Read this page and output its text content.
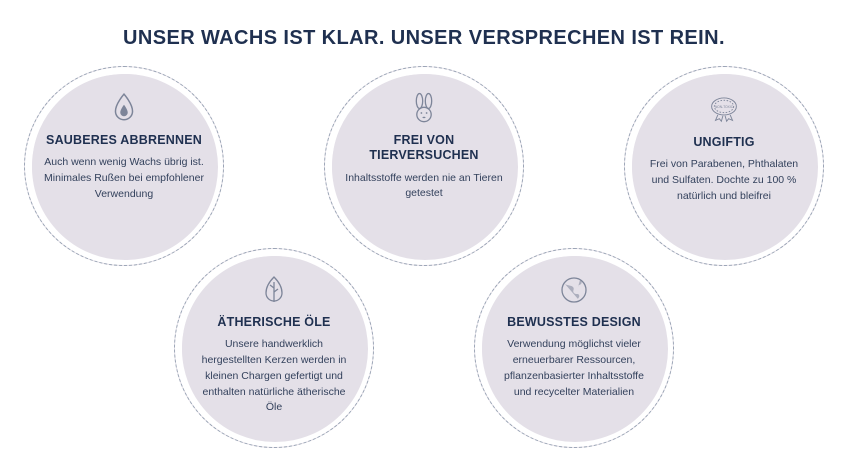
UNSER WACHS IST KLAR. UNSER VERSPRECHEN IST REIN.
SAUBERES ABBRENNEN
Auch wenn wenig Wachs übrig ist. Minimales Rußen bei empfohlener Verwendung
FREI VON TIERVERSUCHEN
Inhaltsstoffe werden nie an Tieren getestet
NON-TOXIC
UNGIFTIG
Frei von Parabenen, Phthalaten und Sulfaten. Dochte zu 100 % natürlich und bleifrei
ÄTHERISCHE ÖLE
Unsere handwerklich hergestellten Kerzen werden in kleinen Chargen gefertigt und enthalten natürliche ätherische Öle
BEWUSSTES DESIGN
Verwendung möglichst vieler erneuerbarer Ressourcen, pflanzenbasierter Inhaltsstoffe und recycelter Materialien
